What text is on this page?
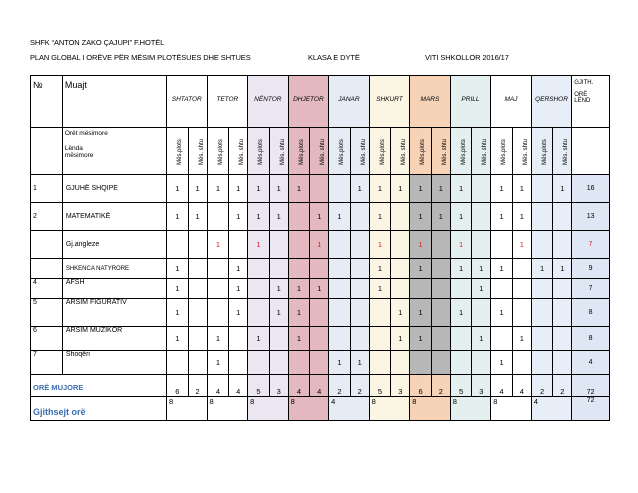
SHFK “ANTON ZAKO ÇAJUPI” F.HOTËL
PLAN GLOBAL I ORËVE PËR MËSIM PLOTËSUES DHE SHTUES	KLASA E DYTË	VITI SHKOLLOR 2016/17
№	Muajt	SHTATOR		TETOR		NËNTOR		DHJETOR		JANAR		SHKURT		MARS		PRILL		MAJ		QERSHOR		GJITH.

ORË
LËND

	Orët mësimore
Lënda
mësimore	Mës.plots	Mës. shtu	Mës.plots	Mës. shtu	Mës.plots	Mës. shtu	Mës.plots	Mës. shtu	Mës.plots	Mës. shtu	Mës.plots	Mës. shtu	Mës.plots	Mës. shtu	Mës.plots	Mës. shtu	Mës.plots	Mës. shtu	Mës.plots	Mës. shtu	
1	GJUHË SHQIPE	1	1	1	1	1	1	1			1	1	1	1	1	1		1	1		1	16
2	MATEMATIKË	1	1		1	1	1		1	1		1		1	1	1		1	1			13
	Gj.angleze			1		1			1			1		1		1			1			7
	SHKENCA NATYRORE	1			1							1		1		1	1	1		1	1	9
4	AFSH	1			1		1	1	1			1					1					7
5	ARSIM FIGURATIV	1			1		1	1					1	1		1		1				8
6	ARSIM MUZIKOR	1		1		1		1					1	1			1		1			8
7	Shoqëri			1						1	1							1				4
ORË MUJORE		6	2	4	4	5	3	4	4	2	2	5	3	6	2	5	3	4	4	2	2	72
Gjithsejt orë		8		8		8		8		4		8		8		8		8		4		72
